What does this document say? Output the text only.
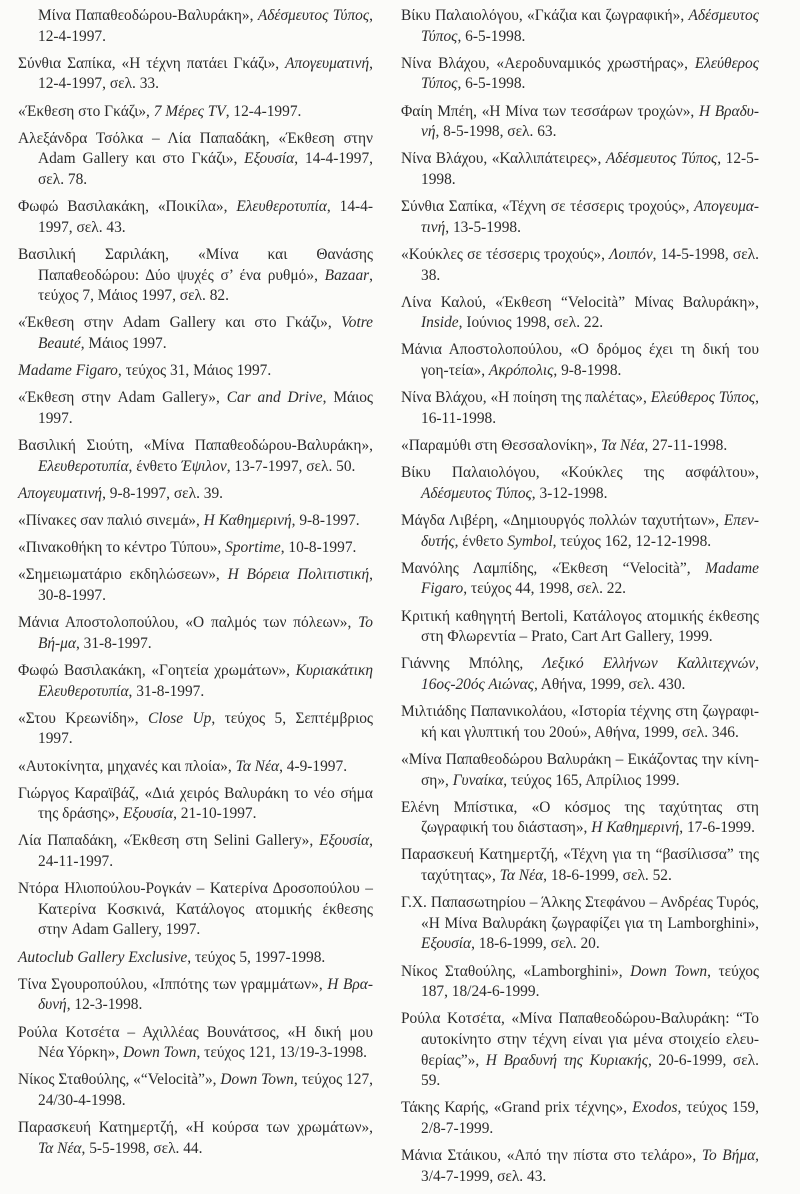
Μίνα Παπαθεοδώρου-Βαλυράκη», Αδέσμευτος Τύπος, 12-4-1997.

Σύνθια Σαπίκα, «Η τέχνη πατάει Γκάζι», Απογευματινή, 12-4-1997, σελ. 33.

«Έκθεση στο Γκάζι», 7 Μέρες TV, 12-4-1997.

Αλεξάνδρα Τσόλκα – Λία Παπαδάκη, «Έκθεση στην Adam Gallery και στο Γκάζι», Εξουσία, 14-4-1997, σελ. 78.

Φωφώ Βασιλακάκη, «Ποικίλα», Ελευθεροτυπία, 14-4-1997, σελ. 43.

Βασιλική Σαριλάκη, «Μίνα και Θανάσης Παπαθεοδώρου: Δύο ψυχές σ’ ένα ρυθμό», Bazaar, τεύχος 7, Μάιος 1997, σελ. 82.

«Έκθεση στην Adam Gallery και στο Γκάζι», Votre Beauté, Μάιος 1997.

Madame Figaro, τεύχος 31, Μάιος 1997.

«Έκθεση στην Adam Gallery», Car and Drive, Μάιος 1997.

Βασιλική Σιούτη, «Μίνα Παπαθεοδώρου-Βαλυράκη», Ελευθεροτυπία, ένθετο Έψιλον, 13-7-1997, σελ. 50.

Απογευματινή, 9-8-1997, σελ. 39.

«Πίνακες σαν παλιό σινεμά», Η Καθημερινή, 9-8-1997.

«Πινακοθήκη το κέντρο Τύπου», Sportime, 10-8-1997.

«Σημειωματάριο εκδηλώσεων», Η Βόρεια Πολιτιστική, 30-8-1997.

Μάνια Αποστολοπούλου, «Ο παλμός των πόλεων», Το Βή-μα, 31-8-1997.

Φωφώ Βασιλακάκη, «Γοητεία χρωμάτων», Κυριακάτικη Ελευθεροτυπία, 31-8-1997.

«Στου Κρεωνίδη», Close Up, τεύχος 5, Σεπτέμβριος 1997.

«Αυτοκίνητα, μηχανές και πλοία», Τα Νέα, 4-9-1997.

Γιώργος Καραϊβάζ, «Διά χειρός Βαλυράκη το νέο σήμα της δράσης», Εξουσία, 21-10-1997.

Λία Παπαδάκη, «Έκθεση στη Selini Gallery», Εξουσία, 24-11-1997.

Ντόρα Ηλιοπούλου-Ρογκάν – Κατερίνα Δροσοπούλου – Κατερίνα Κοσκινά, Κατάλογος ατομικής έκθεσης στην Adam Gallery, 1997.

Autoclub Gallery Exclusive, τεύχος 5, 1997-1998.

Τίνα Σγουροπούλου, «Ιππότης των γραμμάτων», Η Βρα-δυνή, 12-3-1998.

Ρούλα Κοτσέτα – Αχιλλέας Βουνάτσος, «Η δική μου Νέα Υόρκη», Down Town, τεύχος 121, 13/19-3-1998.

Νίκος Σταθούλης, «“Velocità”», Down Town, τεύχος 127, 24/30-4-1998.

Παρασκευή Κατημερτζή, «Η κούρσα των χρωμάτων», Τα Νέα, 5-5-1998, σελ. 44.

Βίκυ Παλαιολόγου, «Γκάζια και ζωγραφική», Αδέσμευτος Τύπος, 6-5-1998.

Νίνα Βλάχου, «Αεροδυναμικός χρωστήρας», Ελεύθερος Τύπος, 6-5-1998.

Φαίη Μπέη, «Η Μίνα των τεσσάρων τροχών», Η Βραδυ-νή, 8-5-1998, σελ. 63.

Νίνα Βλάχου, «Καλλιπάτειρες», Αδέσμευτος Τύπος, 12-5-1998.

Σύνθια Σαπίκα, «Τέχνη σε τέσσερις τροχούς», Απογευμα-τινή, 13-5-1998.

«Κούκλες σε τέσσερις τροχούς», Λοιπόν, 14-5-1998, σελ. 38.

Λίνα Καλού, «Έκθεση “Velocità” Μίνας Βαλυράκη», Inside, Ιούνιος 1998, σελ. 22.

Μάνια Αποστολοπούλου, «Ο δρόμος έχει τη δική του γοη-τεία», Ακρόπολις, 9-8-1998.

Νίνα Βλάχου, «Η ποίηση της παλέτας», Ελεύθερος Τύπος, 16-11-1998.

«Παραμύθι στη Θεσσαλονίκη», Τα Νέα, 27-11-1998.

Βίκυ Παλαιολόγου, «Κούκλες της ασφάλτου», Αδέσμευτος Τύπος, 3-12-1998.

Μάγδα Λιβέρη, «Δημιουργός πολλών ταχυτήτων», Επεν-δυτής, ένθετο Symbol, τεύχος 162, 12-12-1998.

Μανόλης Λαμπίδης, «Έκθεση “Velocità”, Madame Figaro, τεύχος 44, 1998, σελ. 22.

Κριτική καθηγητή Bertoli, Κατάλογος ατομικής έκθεσης στη Φλωρεντία – Prato, Cart Art Gallery, 1999.

Γιάννης Μπόλης, Λεξικό Ελλήνων Καλλιτεχνών, 16ος-20ός Αιώνας, Αθήνα, 1999, σελ. 430.

Μιλτιάδης Παπανικολάου, «Ιστορία τέχνης στη ζωγραφι-κή και γλυπτική του 20ού», Αθήνα, 1999, σελ. 346.

«Μίνα Παπαθεοδώρου Βαλυράκη – Εικάζοντας την κίνη-ση», Γυναίκα, τεύχος 165, Απρίλιος 1999.

Ελένη Μπίστικα, «Ο κόσμος της ταχύτητας στη ζωγραφική του διάσταση», Η Καθημερινή, 17-6-1999.

Παρασκευή Κατημερτζή, «Τέχνη για τη “βασίλισσα” της ταχύτητας», Τα Νέα, 18-6-1999, σελ. 52.

Γ.Χ. Παπασωτηρίου – Άλκης Στεφάνου – Ανδρέας Τυρός, «Η Μίνα Βαλυράκη ζωγραφίζει για τη Lamborghini», Εξουσία, 18-6-1999, σελ. 20.

Νίκος Σταθούλης, «Lamborghini», Down Town, τεύχος 187, 18/24-6-1999.

Ρούλα Κοτσέτα, «Μίνα Παπαθεοδώρου-Βαλυράκη: “Το αυτοκίνητο στην τέχνη είναι για μένα στοιχείο ελευ-θερίας”», Η Βραδυνή της Κυριακής, 20-6-1999, σελ. 59.

Τάκης Καρής, «Grand prix τέχνης», Exodos, τεύχος 159, 2/8-7-1999.

Μάνια Στάικου, «Από την πίστα στο τελάρο», Το Βήμα, 3/4-7-1999, σελ. 43.
